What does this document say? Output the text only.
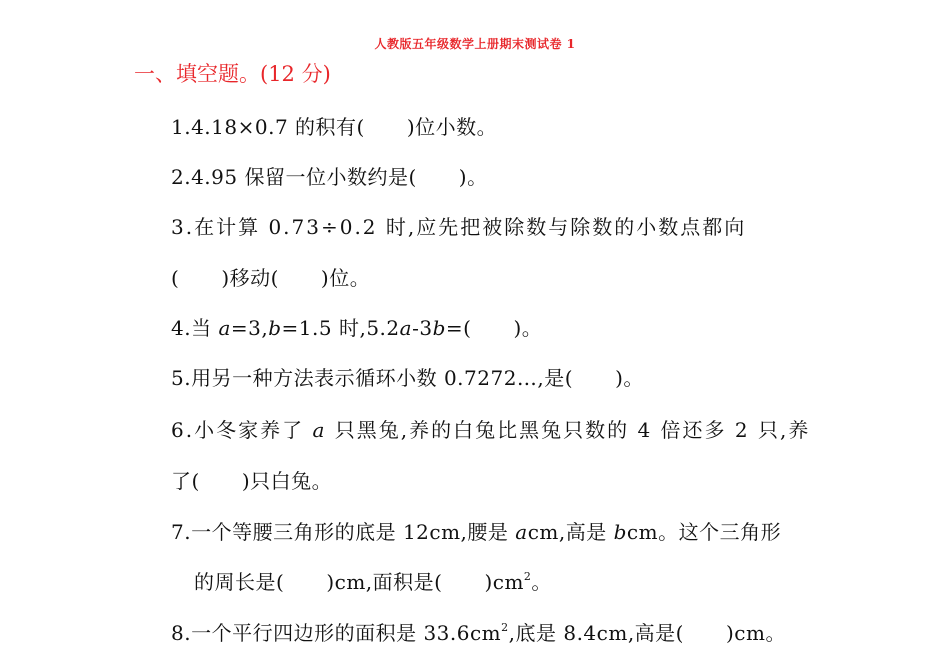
人教版五年级数学上册期末测试卷 1
一、填空题。(12 分)
1.4.18×0.7 的积有( )位小数。
2.4.95 保留一位小数约是( )。
3.在计算 0.73÷0.2 时,应先把被除数与除数的小数点都向
( )移动( )位。
4.当 a=3,b=1.5 时,5.2a-3b=( )。
5.用另一种方法表示循环小数 0.7272…,是( )。
6.小冬家养了 a 只黑兔,养的白兔比黑兔只数的 4 倍还多 2 只,养
了( )只白兔。
7.一个等腰三角形的底是 12cm,腰是 acm,高是 bcm。这个三角形
的周长是( )cm,面积是( )$cm^2$。
8.一个平行四边形的面积是 $33.6cm^2$,底是 8.4cm,高是( )cm。
